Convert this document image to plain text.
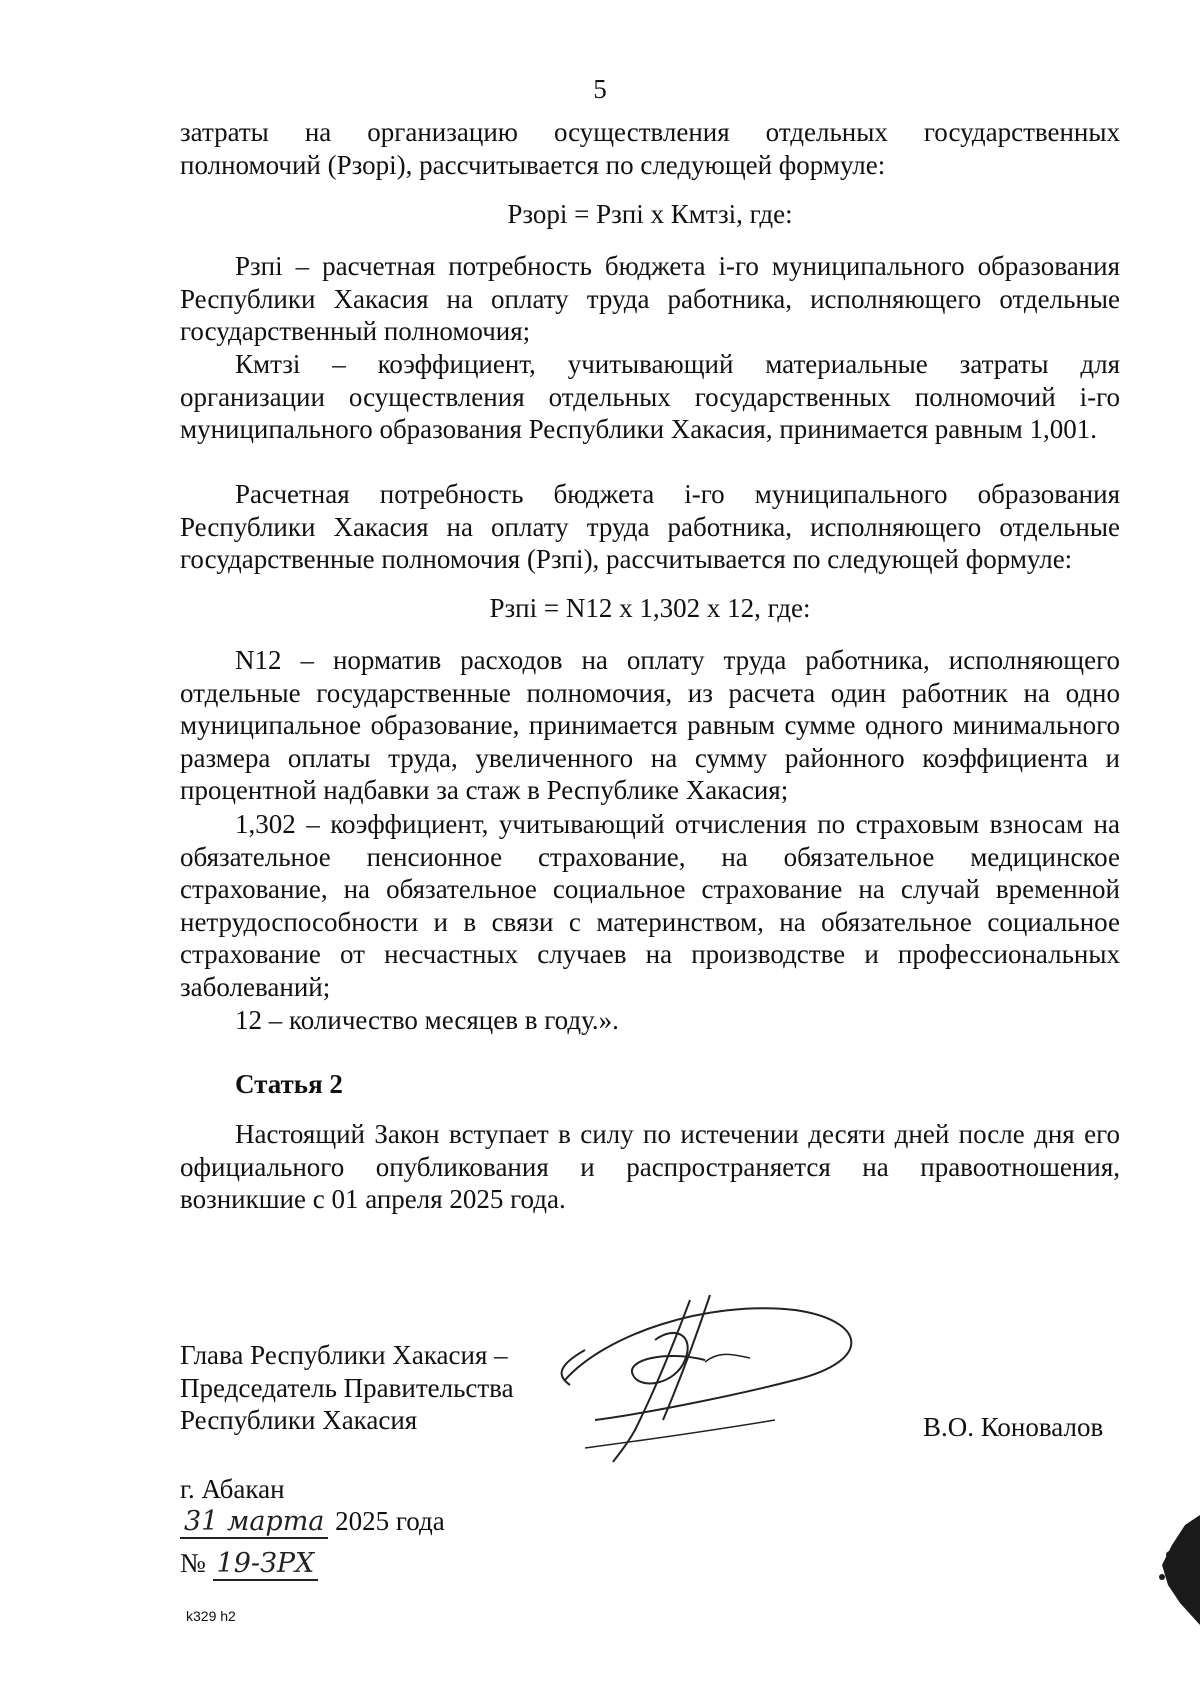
5

затраты на организацию осуществления отдельных государственных полномочий (Рзорі), рассчитывается по следующей формуле:

Рзорі = Рзпі х Кмтзі, где:

Рзпі – расчетная потребность бюджета і-го муниципального образования Республики Хакасия на оплату труда работника, исполняющего отдельные государственный полномочия;

Кмтзі – коэффициент, учитывающий материальные затраты для организации осуществления отдельных государственных полномочий і-го муниципального образования Республики Хакасия, принимается равным 1,001.

Расчетная потребность бюджета і-го муниципального образования Республики Хакасия на оплату труда работника, исполняющего отдельные государственные полномочия (Рзпі), рассчитывается по следующей формуле:

Рзпі = N12 х 1,302 х 12, где:

N12 – норматив расходов на оплату труда работника, исполняющего отдельные государственные полномочия, из расчета один работник на одно муниципальное образование, принимается равным сумме одного минимального размера оплаты труда, увеличенного на сумму районного коэффициента и процентной надбавки за стаж в Республике Хакасия;

1,302 – коэффициент, учитывающий отчисления по страховым взносам на обязательное пенсионное страхование, на обязательное медицинское страхование, на обязательное социальное страхование на случай временной нетрудоспособности и в связи с материнством, на обязательное социальное страхование от несчастных случаев на производстве и профессиональных заболеваний;

12 – количество месяцев в году.».

Статья 2

Настоящий Закон вступает в силу по истечении десяти дней после дня его официального опубликования и распространяется на правоотношения, возникшие с 01 апреля 2025 года.

Глава Республики Хакасия –
Председатель Правительства
Республики Хакасия	В.О. Коновалов
г. Абакан
31 марта 2025 года
№ 19-ЗРХ
k329 h2
